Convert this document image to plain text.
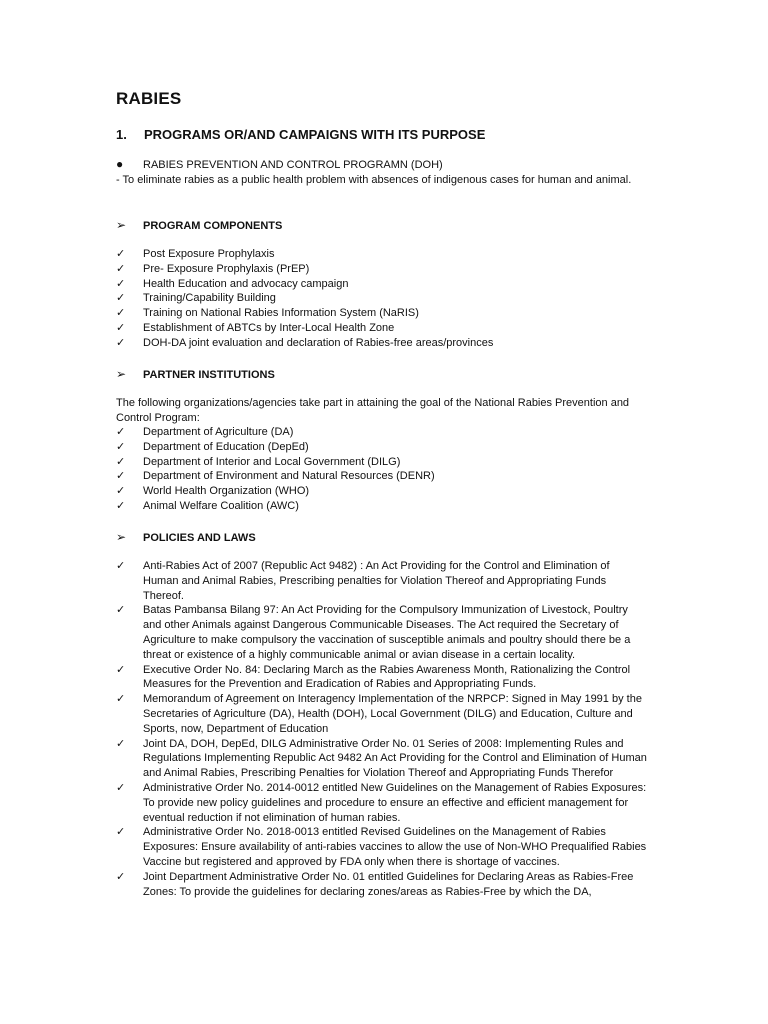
RABIES
1. PROGRAMS OR/AND CAMPAIGNS WITH ITS PURPOSE
● RABIES PREVENTION AND CONTROL PROGRAMN (DOH)
- To eliminate rabies as a public health problem with absences of indigenous cases for human and animal.
➢ PROGRAM COMPONENTS
✓	Post Exposure Prophylaxis
✓	Pre- Exposure Prophylaxis (PrEP)
✓	Health Education and advocacy campaign
✓	Training/Capability Building
✓	Training on National Rabies Information System (NaRIS)
✓	Establishment of ABTCs by Inter-Local Health Zone
✓	DOH-DA joint evaluation and declaration of Rabies-free areas/provinces
➢ PARTNER INSTITUTIONS
The following organizations/agencies take part in attaining the goal of the National Rabies Prevention and Control Program:
✓	Department of Agriculture (DA)
✓	Department of Education (DepEd)
✓	Department of Interior and Local Government (DILG)
✓	Department of Environment and Natural Resources (DENR)
✓	World Health Organization (WHO)
✓	Animal Welfare Coalition (AWC)
➢ POLICIES AND LAWS
✓	Anti-Rabies Act of 2007 (Republic Act 9482) : An Act Providing for the Control and Elimination of Human and Animal Rabies, Prescribing penalties for Violation Thereof and Appropriating Funds Thereof.
✓	Batas Pambansa Bilang 97: An Act Providing for the Compulsory Immunization of Livestock, Poultry and other Animals against Dangerous Communicable Diseases. The Act required the Secretary of Agriculture to make compulsory the vaccination of susceptible animals and poultry should there be a threat or existence of a highly communicable animal or avian disease in a certain locality.
✓	Executive Order No. 84: Declaring March as the Rabies Awareness Month, Rationalizing the Control Measures for the Prevention and Eradication of Rabies and Appropriating Funds.
✓	Memorandum of Agreement on Interagency Implementation of the NRPCP: Signed in May 1991 by the Secretaries of Agriculture (DA), Health (DOH), Local Government (DILG) and Education, Culture and Sports, now, Department of Education
✓	Joint DA, DOH, DepEd, DILG Administrative Order No. 01 Series of 2008: Implementing Rules and Regulations Implementing Republic Act 9482 An Act Providing for the Control and Elimination of Human and Animal Rabies, Prescribing Penalties for Violation Thereof and Appropriating Funds Therefor
✓	Administrative Order No. 2014-0012 entitled New Guidelines on the Management of Rabies Exposures: To provide new policy guidelines and procedure to ensure an effective and efficient management for eventual reduction if not elimination of human rabies.
✓	Administrative Order No. 2018-0013 entitled Revised Guidelines on the Management of Rabies Exposures: Ensure availability of anti-rabies vaccines to allow the use of Non-WHO Prequalified Rabies Vaccine but registered and approved by FDA only when there is shortage of vaccines.
✓	Joint Department Administrative Order No. 01 entitled Guidelines for Declaring Areas as Rabies-Free Zones: To provide the guidelines for declaring zones/areas as Rabies-Free by which the DA,
